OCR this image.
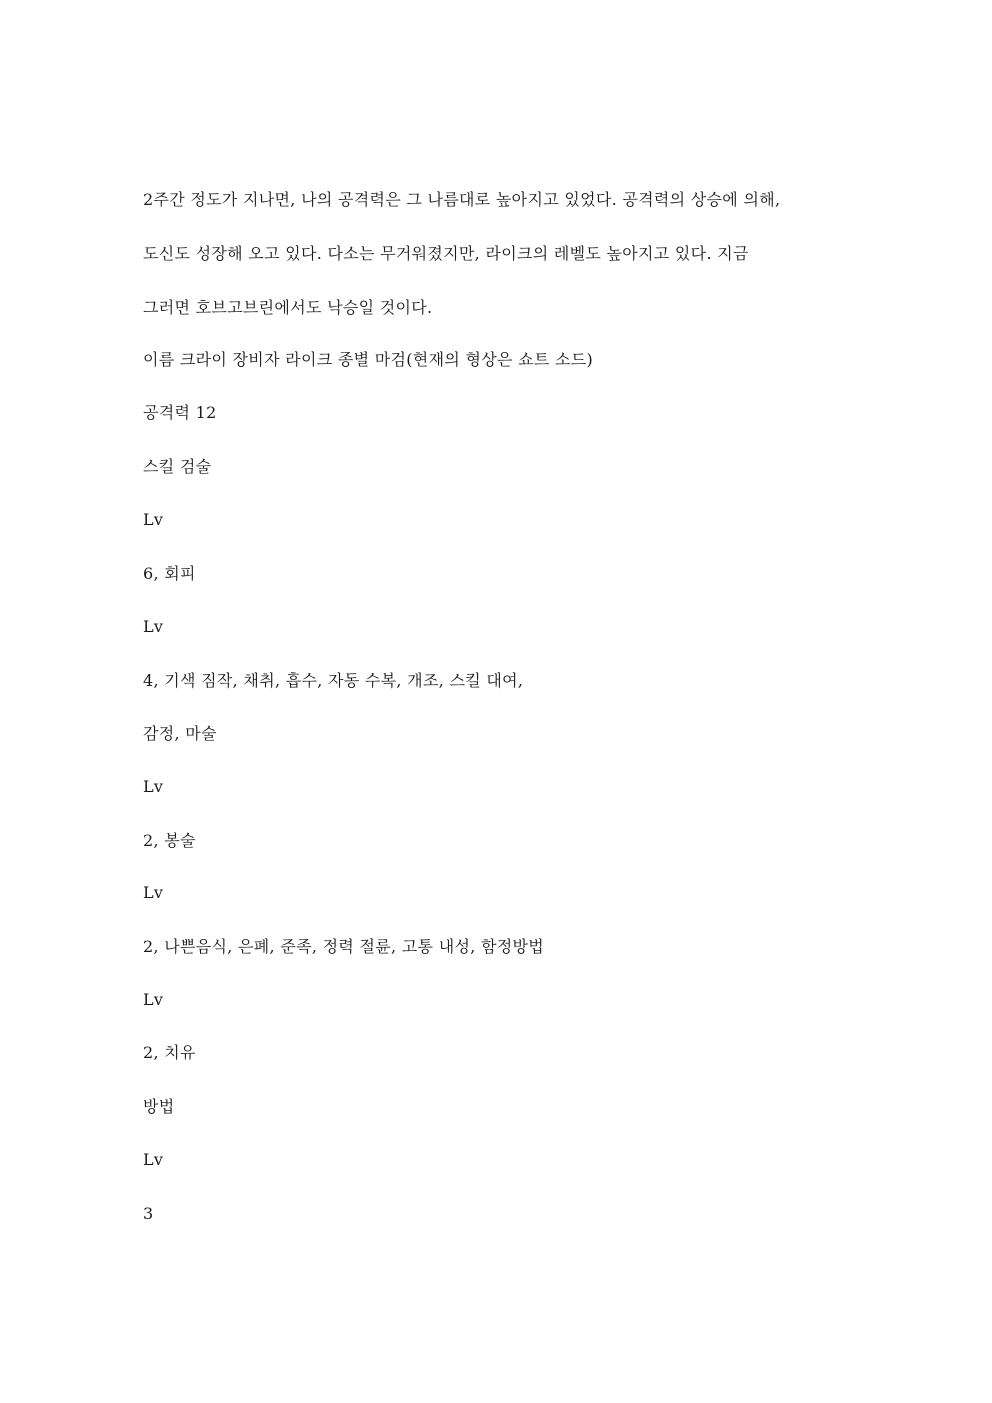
2주간 정도가 지나면, 나의 공격력은 그 나름대로 높아지고 있었다. 공격력의 상승에 의해,
도신도 성장해 오고 있다. 다소는 무거워졌지만, 라이크의 레벨도 높아지고 있다. 지금
그러면 호브고브린에서도 낙승일 것이다.
이름 크라이 장비자 라이크 종별 마검(현재의 형상은 쇼트 소드)
공격력 12
스킬 검술
Lv
6, 회피
Lv
4, 기색 짐작, 채취, 흡수, 자동 수복, 개조, 스킬 대여,
감정, 마술
Lv
2, 봉술
Lv
2, 나쁜음식, 은폐, 준족, 정력 절륜, 고통 내성, 함정방법
Lv
2, 치유
방법
Lv
3
